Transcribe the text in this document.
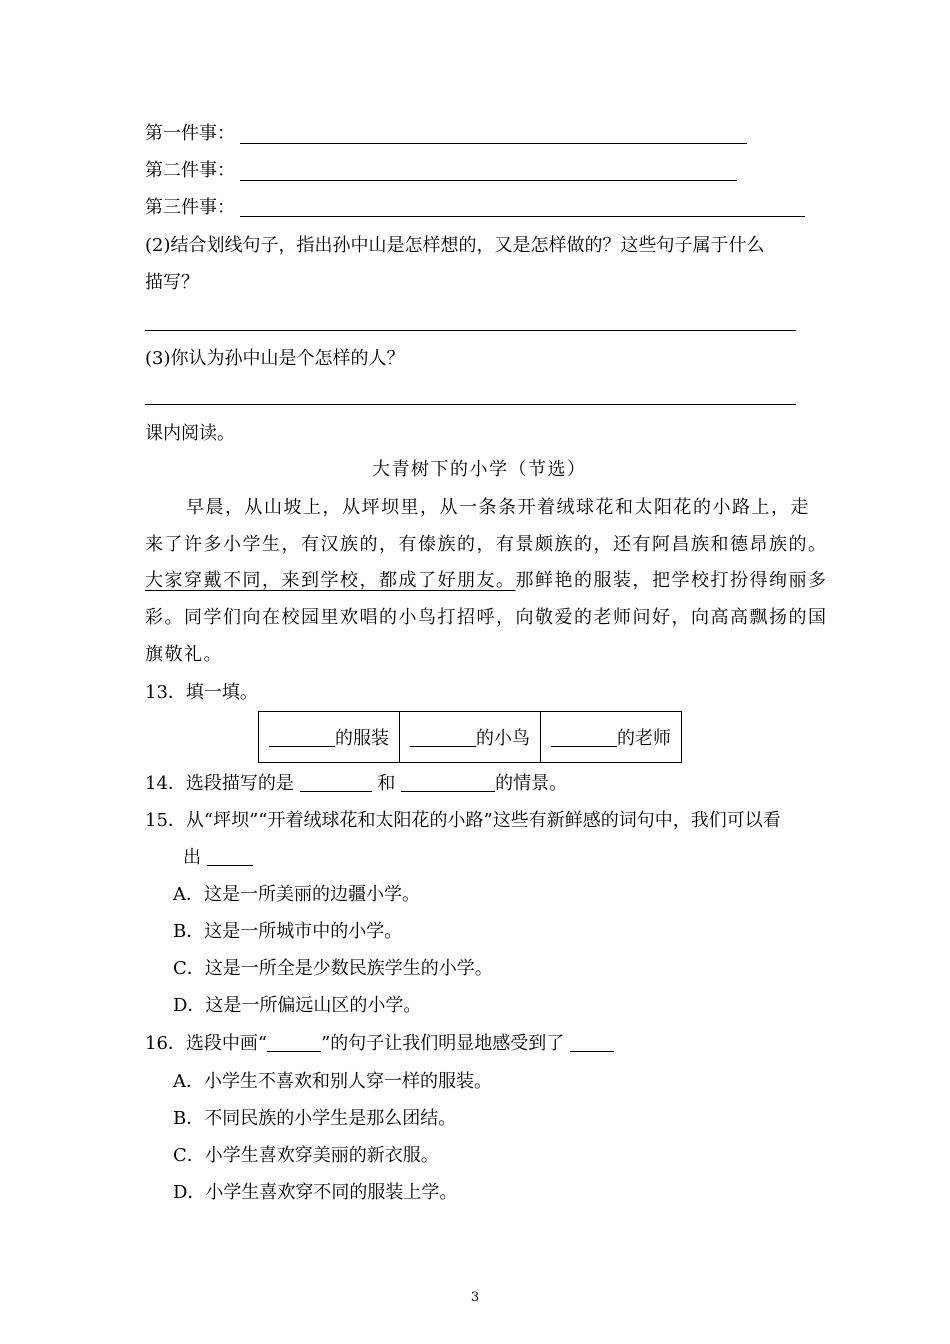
第一件事：
第二件事：
第三件事：
(2)结合划线句子，指出孙中山是怎样想的，又是怎样做的？这些句子属于什么
描写？
(3)你认为孙中山是个怎样的人？
课内阅读。
大青树下的小学（节选）
早晨，从山坡上，从坪坝里，从一条条开着绒球花和太阳花的小路上，走
来了许多小学生，有汉族的，有傣族的，有景颇族的，还有阿昌族和德昂族的。
大家穿戴不同，来到学校，都成了好朋友。那鲜艳的服装，把学校打扮得绚丽多
彩。同学们向在校园里欢唱的小鸟打招呼，向敬爱的老师问好，向高高飘扬的国
旗敬礼。
13．填一填。
的服装	的小鸟	的老师
14．选段描写的是	和	的情景。
15．从“坪坝”“开着绒球花和太阳花的小路”这些有新鲜感的词句中，我们可以看
出
A．这是一所美丽的边疆小学。
B．这是一所城市中的小学。
C．这是一所全是少数民族学生的小学。
D．这是一所偏远山区的小学。
16．选段中画“	”的句子让我们明显地感受到了
A．小学生不喜欢和别人穿一样的服装。
B．不同民族的小学生是那么团结。
C．小学生喜欢穿美丽的新衣服。
D．小学生喜欢穿不同的服装上学。
3
